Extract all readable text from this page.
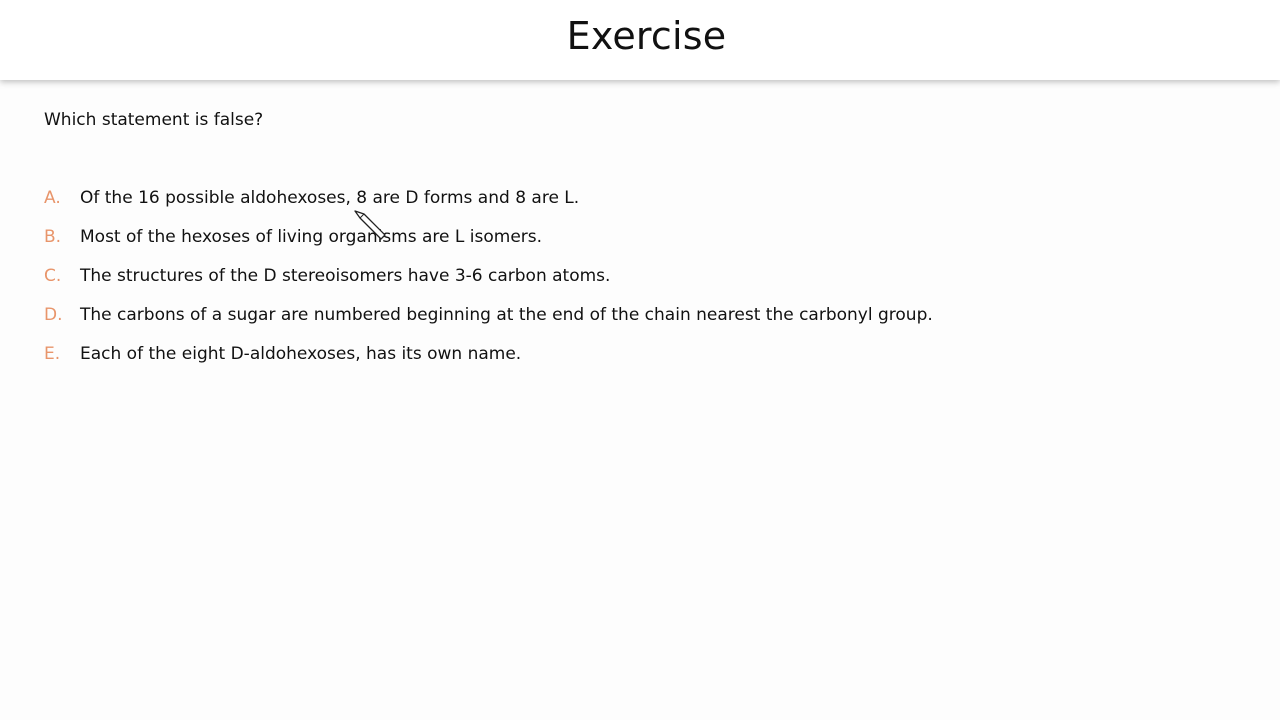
Exercise
Which statement is false?
A.	Of the 16 possible aldohexoses, 8 are D forms and 8 are L.
B.	Most of the hexoses of living organisms are L isomers.
C.	The structures of the D stereoisomers have 3-6 carbon atoms.
D.	The carbons of a sugar are numbered beginning at the end of the chain nearest the carbonyl group.
E.	Each of the eight D-aldohexoses, has its own name.
